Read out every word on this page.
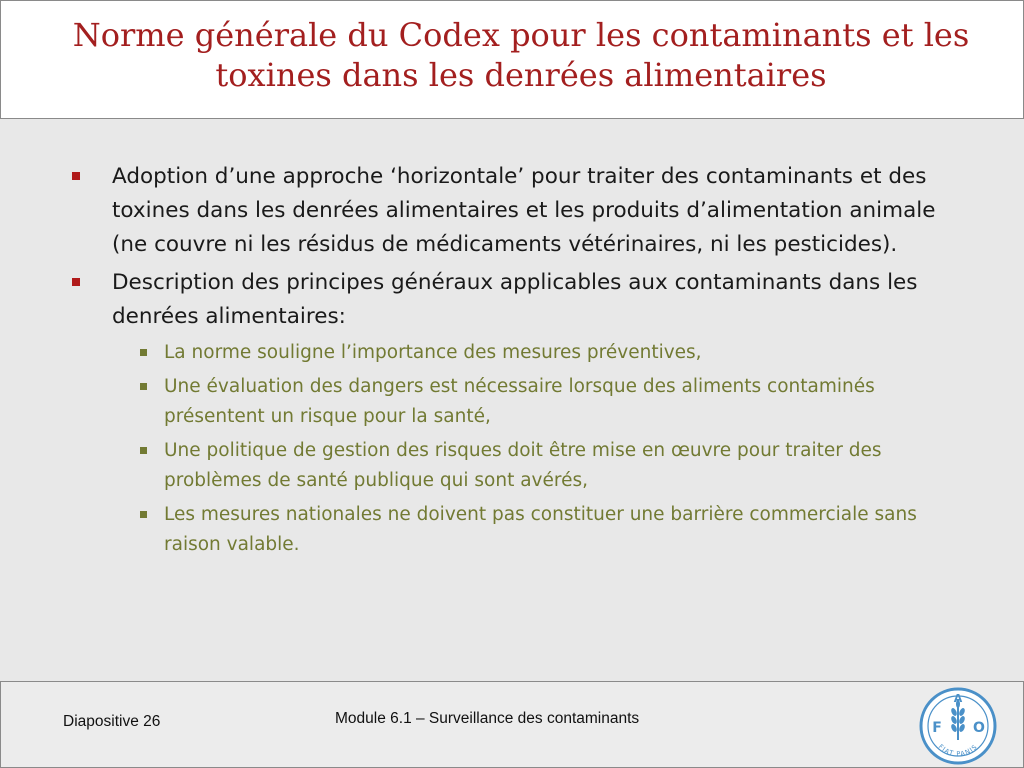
Norme générale du Codex pour les contaminants et les toxines dans les denrées alimentaires
Adoption d’une approche ‘horizontale’ pour traiter des contaminants et des toxines dans les denrées alimentaires et les produits d’alimentation animale (ne couvre ni les résidus de médicaments vétérinaires, ni les pesticides).
Description des principes généraux applicables aux contaminants dans les denrées alimentaires:
La norme souligne l’importance des mesures préventives,
Une évaluation des dangers est nécessaire lorsque des aliments contaminés présentent un risque pour la santé,
Une politique de gestion des risques doit être mise en œuvre pour traiter des problèmes de santé publique qui sont avérés,
Les mesures nationales ne doivent pas constituer une barrière commerciale sans raison valable.
Diapositive 26	Module 6.1 – Surveillance des contaminants
F
A
O
FIAT PANIS
